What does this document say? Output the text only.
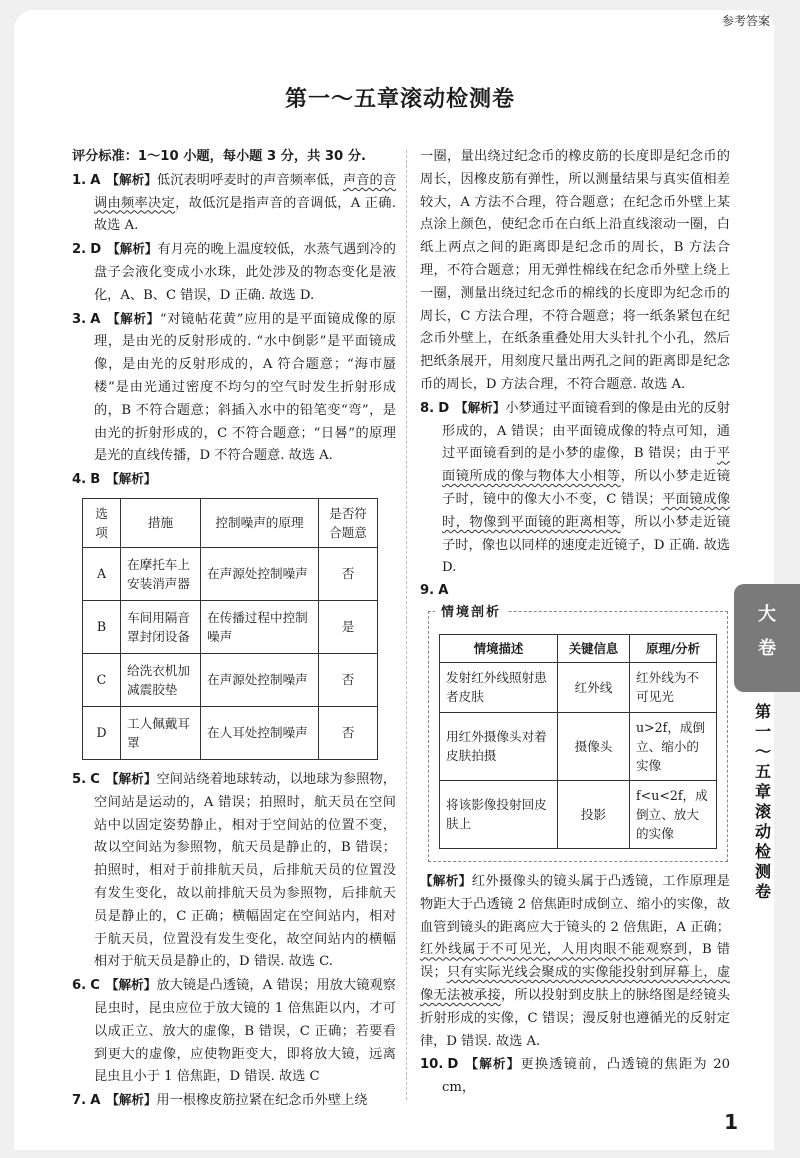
参考答案
第一～五章滚动检测卷

评分标准：1～10 小题，每小题 3 分，共 30 分.

1. A 【解析】低沉表明呼麦时的声音频率低，声音的音调由频率决定，故低沉是指声音的音调低，A 正确. 故选 A.

2. D 【解析】有月亮的晚上温度较低，水蒸气遇到冷的盘子会液化变成小水珠，此处涉及的物态变化是液化，A、B、C 错误，D 正确. 故选 D.

3. A 【解析】“对镜帖花黄”应用的是平面镜成像的原理，是由光的反射形成的. “水中倒影”是平面镜成像，是由光的反射形成的，A 符合题意；“海市蜃楼”是由光通过密度不均匀的空气时发生折射形成的，B 不符合题意；斜插入水中的铅笔变“弯”，是由光的折射形成的，C 不符合题意；“日晷”的原理是光的直线传播，D 不符合题意. 故选 A.

4. B 【解析】

选项	措施	控制噪声的原理	是否符合题意
A	在摩托车上安装消声器	在声源处控制噪声	否
B	车间用隔音罩封闭设备	在传播过程中控制噪声	是
C	给洗衣机加减震胶垫	在声源处控制噪声	否
D	工人佩戴耳罩	在人耳处控制噪声	否

5. C 【解析】空间站绕着地球转动，以地球为参照物，空间站是运动的，A 错误；拍照时，航天员在空间站中以固定姿势静止，相对于空间站的位置不变，故以空间站为参照物，航天员是静止的，B 错误；拍照时，相对于前排航天员，后排航天员的位置没有发生变化，故以前排航天员为参照物，后排航天员是静止的，C 正确；横幅固定在空间站内，相对于航天员，位置没有发生变化，故空间站内的横幅相对于航天员是静止的，D 错误. 故选 C.

6. C 【解析】放大镜是凸透镜，A 错误；用放大镜观察昆虫时，昆虫应位于放大镜的 1 倍焦距以内，才可以成正立、放大的虚像，B 错误，C 正确；若要看到更大的虚像，应使物距变大，即将放大镜，远离昆虫且小于 1 倍焦距，D 错误. 故选 C

7. A 【解析】用一根橡皮筋拉紧在纪念币外壁上绕

一圈，量出绕过纪念币的橡皮筋的长度即是纪念币的周长，因橡皮筋有弹性，所以测量结果与真实值相差较大，A 方法不合理，符合题意；在纪念币外壁上某点涂上颜色，使纪念币在白纸上沿直线滚动一圈，白纸上两点之间的距离即是纪念币的周长，B 方法合理，不符合题意；用无弹性棉线在纪念币外壁上绕上一圈，测量出绕过纪念币的棉线的长度即为纪念币的周长，C 方法合理，不符合题意；将一纸条紧包在纪念币外壁上，在纸条重叠处用大头针扎个小孔，然后把纸条展开，用刻度尺量出两孔之间的距离即是纪念币的周长，D 方法合理，不符合题意. 故选 A.

8. D 【解析】小梦通过平面镜看到的像是由光的反射形成的，A 错误；由平面镜成像的特点可知，通过平面镜看到的是小梦的虚像，B 错误；由于平面镜所成的像与物体大小相等，所以小梦走近镜子时，镜中的像大小不变，C 错误；平面镜成像时，物像到平面镜的距离相等，所以小梦走近镜子时，像也以同样的速度走近镜子，D 正确. 故选 D.

9. A

情境剖析
情境描述	关键信息	原理/分析
发射红外线照射患者皮肤	红外线	红外线为不可见光
用红外摄像头对着皮肤拍摄	摄像头	u>2f，成倒立、缩小的实像
将该影像投射回皮肤上	投影	f<u<2f，成倒立、放大的实像

【解析】红外摄像头的镜头属于凸透镜，工作原理是物距大于凸透镜 2 倍焦距时成倒立、缩小的实像，故血管到镜头的距离应大于镜头的 2 倍焦距，A 正确；红外线属于不可见光，人用肉眼不能观察到，B 错误；只有实际光线会聚成的实像能投射到屏幕上，虚像无法被承接，所以投射到皮肤上的脉络图是经镜头折射形成的实像，C 错误；漫反射也遵循光的反射定律，D 错误. 故选 A.

10. D 【解析】更换透镜前，凸透镜的焦距为 20 cm，

大
卷
第
一
～
五
章
滚
动
检
测
卷
1
